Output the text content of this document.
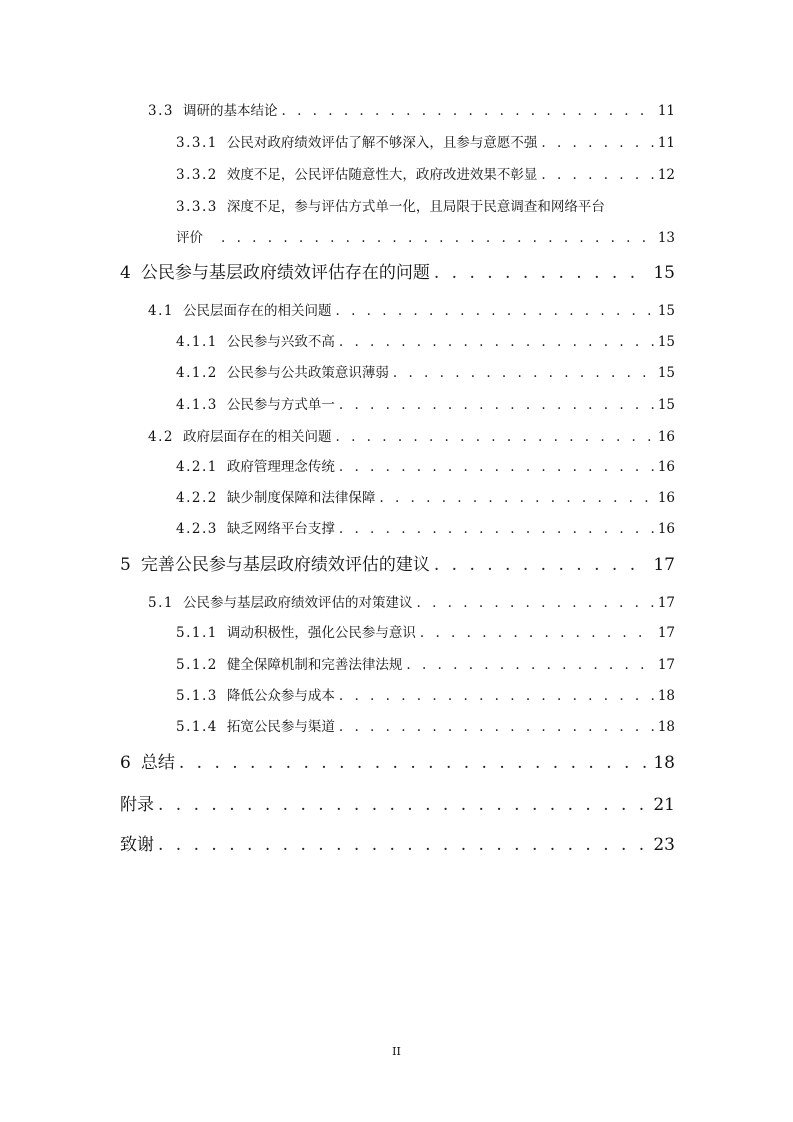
3.3 调研的基本结论 . . .	11
3.3.1 公民对政府绩效评估了解不够深入，且参与意愿不强 . . .	11
3.3.2 效度不足，公民评估随意性大，政府改进效果不彰显 . . .	12
3.3.3 深度不足，参与评估方式单一化，且局限于民意调查和网络平台
评价 . . .	13
4 公民参与基层政府绩效评估存在的问题 . . .	15
4.1 公民层面存在的相关问题 . . .	15
4.1.1 公民参与兴致不高 . . .	15
4.1.2 公民参与公共政策意识薄弱 . . .	15
4.1.3 公民参与方式单一 . . .	15
4.2 政府层面存在的相关问题 . . .	16
4.2.1 政府管理理念传统 . . .	16
4.2.2 缺少制度保障和法律保障 . . .	16
4.2.3 缺乏网络平台支撑 . . .	16
5 完善公民参与基层政府绩效评估的建议 . . .	17
5.1 公民参与基层政府绩效评估的对策建议 . . .	17
5.1.1 调动积极性，强化公民参与意识 . . .	17
5.1.2 健全保障机制和完善法律法规 . . .	17
5.1.3 降低公众参与成本 . . .	18
5.1.4 拓宽公民参与渠道 . . .	18
6 总结 . . .	18
附录 . . .	21
致谢 . . .	23
II
